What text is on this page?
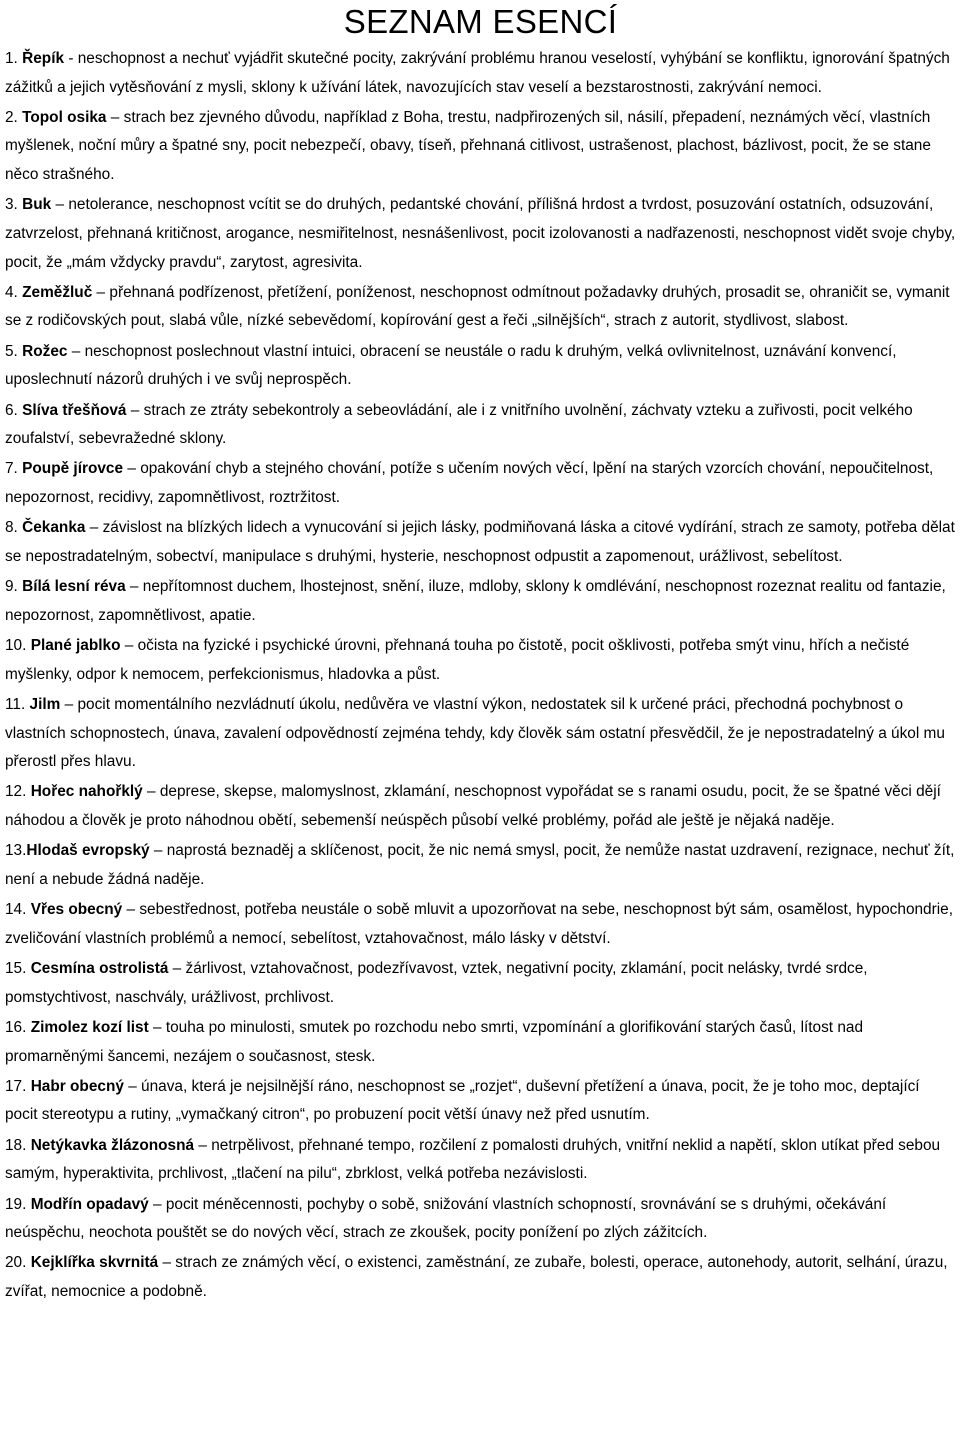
SEZNAM ESENCÍ

1. Řepík - neschopnost a nechuť vyjádřit skutečné pocity, zakrývání problému hranou veselostí, vyhýbání se konfliktu, ignorování špatných zážitků a jejich vytěsňování z mysli, sklony k užívání látek, navozujících stav veselí a bezstarostnosti, zakrývání nemoci.

2. Topol osika – strach bez zjevného důvodu, například z Boha, trestu, nadpřirozených sil, násilí, přepadení, neznámých věcí, vlastních myšlenek, noční můry a špatné sny, pocit nebezpečí, obavy, tíseň, přehnaná citlivost, ustrašenost, plachost, bázlivost, pocit, že se stane něco strašného.

3. Buk – netolerance, neschopnost vcítit se do druhých, pedantské chování, přílišná hrdost a tvrdost, posuzování ostatních, odsuzování, zatvrzelost, přehnaná kritičnost, arogance, nesmiřitelnost, nesnášenlivost, pocit izolovanosti a nadřazenosti, neschopnost vidět svoje chyby, pocit, že „mám vždycky pravdu“, zarytost, agresivita.

4. Zeměžluč – přehnaná podřízenost, přetížení, poníženost, neschopnost odmítnout požadavky druhých, prosadit se, ohraničit se, vymanit se z rodičovských pout, slabá vůle, nízké sebevědomí, kopírování gest a řeči „silnějších“, strach z autorit, stydlivost, slabost.

5. Rožec – neschopnost poslechnout vlastní intuici, obracení se neustále o radu k druhým, velká ovlivnitelnost, uznávání konvencí, uposlechnutí názorů druhých i ve svůj neprospěch.

6. Slíva třešňová – strach ze ztráty sebekontroly a sebeovládání, ale i z vnitřního uvolnění, záchvaty vzteku a zuřivosti, pocit velkého zoufalství, sebevražedné sklony.

7. Poupě jírovce – opakování chyb a stejného chování, potíže s učením nových věcí, lpění na starých vzorcích chování, nepoučitelnost, nepozornost, recidivy, zapomnětlivost, roztržitost.

8. Čekanka – závislost na blízkých lidech a vynucování si jejich lásky, podmiňovaná láska a citové vydírání, strach ze samoty, potřeba dělat se nepostradatelným, sobectví, manipulace s druhými, hysterie, neschopnost odpustit a zapomenout, urážlivost, sebelítost.

9. Bílá lesní réva – nepřítomnost duchem, lhostejnost, snění, iluze, mdloby, sklony k omdlévání, neschopnost rozeznat realitu od fantazie, nepozornost, zapomnětlivost, apatie.

10. Plané jablko – očista na fyzické i psychické úrovni, přehnaná touha po čistotě, pocit ošklivosti, potřeba smýt vinu, hřích a nečisté myšlenky, odpor k nemocem, perfekcionismus, hladovka a půst.

11. Jilm – pocit momentálního nezvládnutí úkolu, nedůvěra ve vlastní výkon, nedostatek sil k určené práci, přechodná pochybnost o vlastních schopnostech, únava, zavalení odpovědností zejména tehdy, kdy člověk sám ostatní přesvědčil, že je nepostradatelný a úkol mu přerostl přes hlavu.

12. Hořec nahořklý – deprese, skepse, malomyslnost, zklamání, neschopnost vypořádat se s ranami osudu, pocit, že se špatné věci dějí náhodou a člověk je proto náhodnou obětí, sebemenší neúspěch působí velké problémy, pořád ale ještě je nějaká naděje.

13.Hlodaš evropský – naprostá beznaděj a sklíčenost, pocit, že nic nemá smysl, pocit, že nemůže nastat uzdravení, rezignace, nechuť žít, není a nebude žádná naděje.

14. Vřes obecný – sebestřednost, potřeba neustále o sobě mluvit a upozorňovat na sebe, neschopnost být sám, osamělost, hypochondrie, zveličování vlastních problémů a nemocí, sebelítost, vztahovačnost, málo lásky v dětství.

15. Cesmína ostrolistá – žárlivost, vztahovačnost, podezřívavost, vztek, negativní pocity, zklamání, pocit nelásky, tvrdé srdce, pomstychtivost, naschvály, urážlivost, prchlivost.

16. Zimolez kozí list – touha po minulosti, smutek po rozchodu nebo smrti, vzpomínání a glorifikování starých časů, lítost nad promarněnými šancemi, nezájem o současnost, stesk.

17. Habr obecný – únava, která je nejsilnější ráno, neschopnost se „rozjet“, duševní přetížení a únava, pocit, že je toho moc, deptající pocit stereotypu a rutiny, „vymačkaný citron“, po probuzení pocit větší únavy než před usnutím.

18. Netýkavka žlázonosná – netrpělivost, přehnané tempo, rozčilení z pomalosti druhých, vnitřní neklid a napětí, sklon utíkat před sebou samým, hyperaktivita, prchlivost, „tlačení na pilu“, zbrklost, velká potřeba nezávislosti.

19. Modřín opadavý – pocit méněcennosti, pochyby o sobě, snižování vlastních schopností, srovnávání se s druhými, očekávání neúspěchu, neochota pouštět se do nových věcí, strach ze zkoušek, pocity ponížení po zlých zážitcích.

20. Kejklířka skvrnitá – strach ze známých věcí, o existenci, zaměstnání, ze zubaře, bolesti, operace, autonehody, autorit, selhání, úrazu, zvířat, nemocnice a podobně.
